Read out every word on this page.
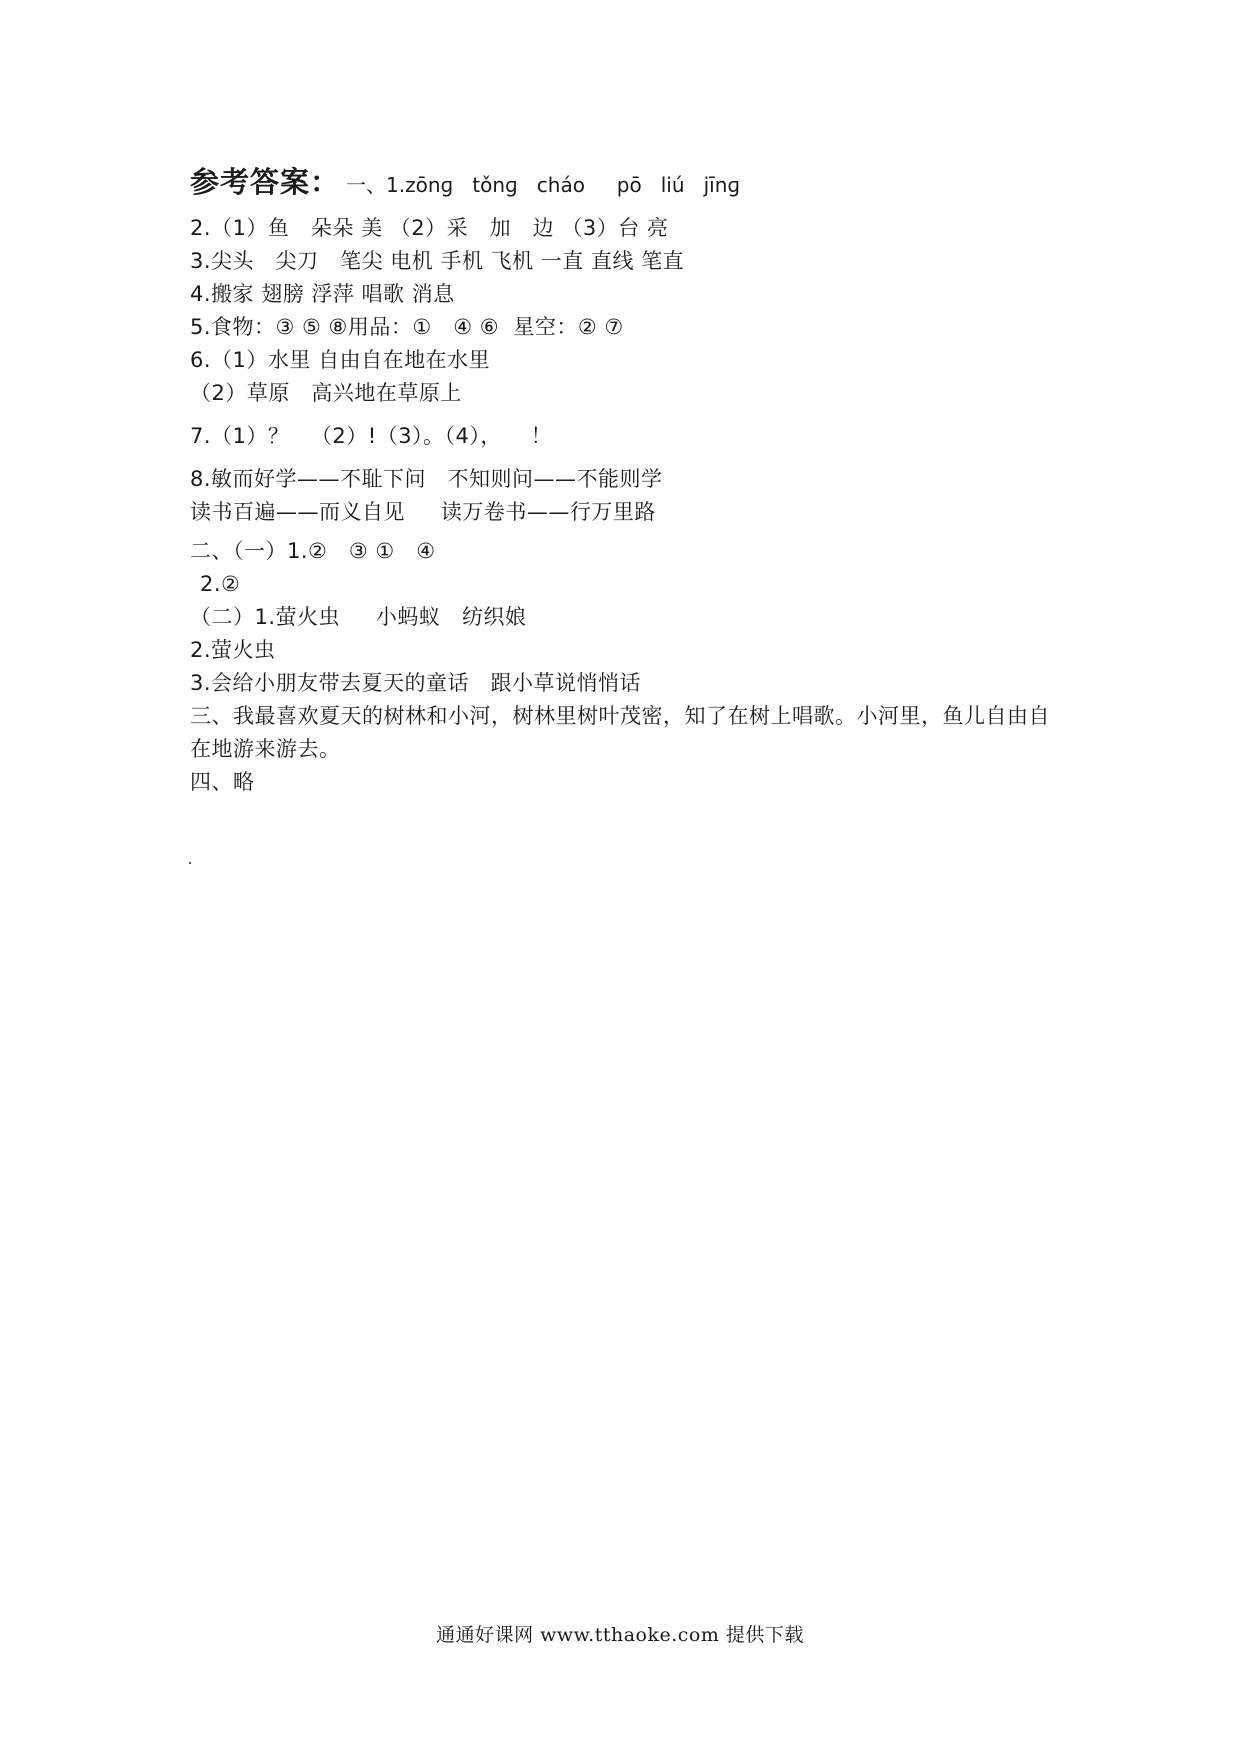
参考答案： 一、1.zōnɡ   tǒnɡ   cháo     pō   liú   jīnɡ
2.（1）鱼   朵朵 美 （2）采   加   边 （3）台 亮
3.尖头   尖刀   笔尖 电机 手机 飞机 一直 直线 笔直
4.搬家 翅膀 浮萍 唱歌 消息
5.食物：③ ⑤ ⑧用品：①   ④ ⑥  星空：② ⑦
6.（1）水里 自由自在地在水里
（2）草原   高兴地在草原上
7.（1）？   （2）!（3）。（4），    ！
8.敏而好学——不耻下问   不知则问——不能则学
读书百遍——而义自见     读万卷书——行万里路
二、（一）1.②   ③ ①   ④
2.②
（二）1.萤火虫     小蚂蚁   纺织娘
2.萤火虫
3.会给小朋友带去夏天的童话   跟小草说悄悄话
三、我最喜欢夏天的树林和小河，树林里树叶茂密，知了在树上唱歌。小河里，鱼儿自由自在地游来游去。
四、略
通通好课网 www.tthaoke.com 提供下载
